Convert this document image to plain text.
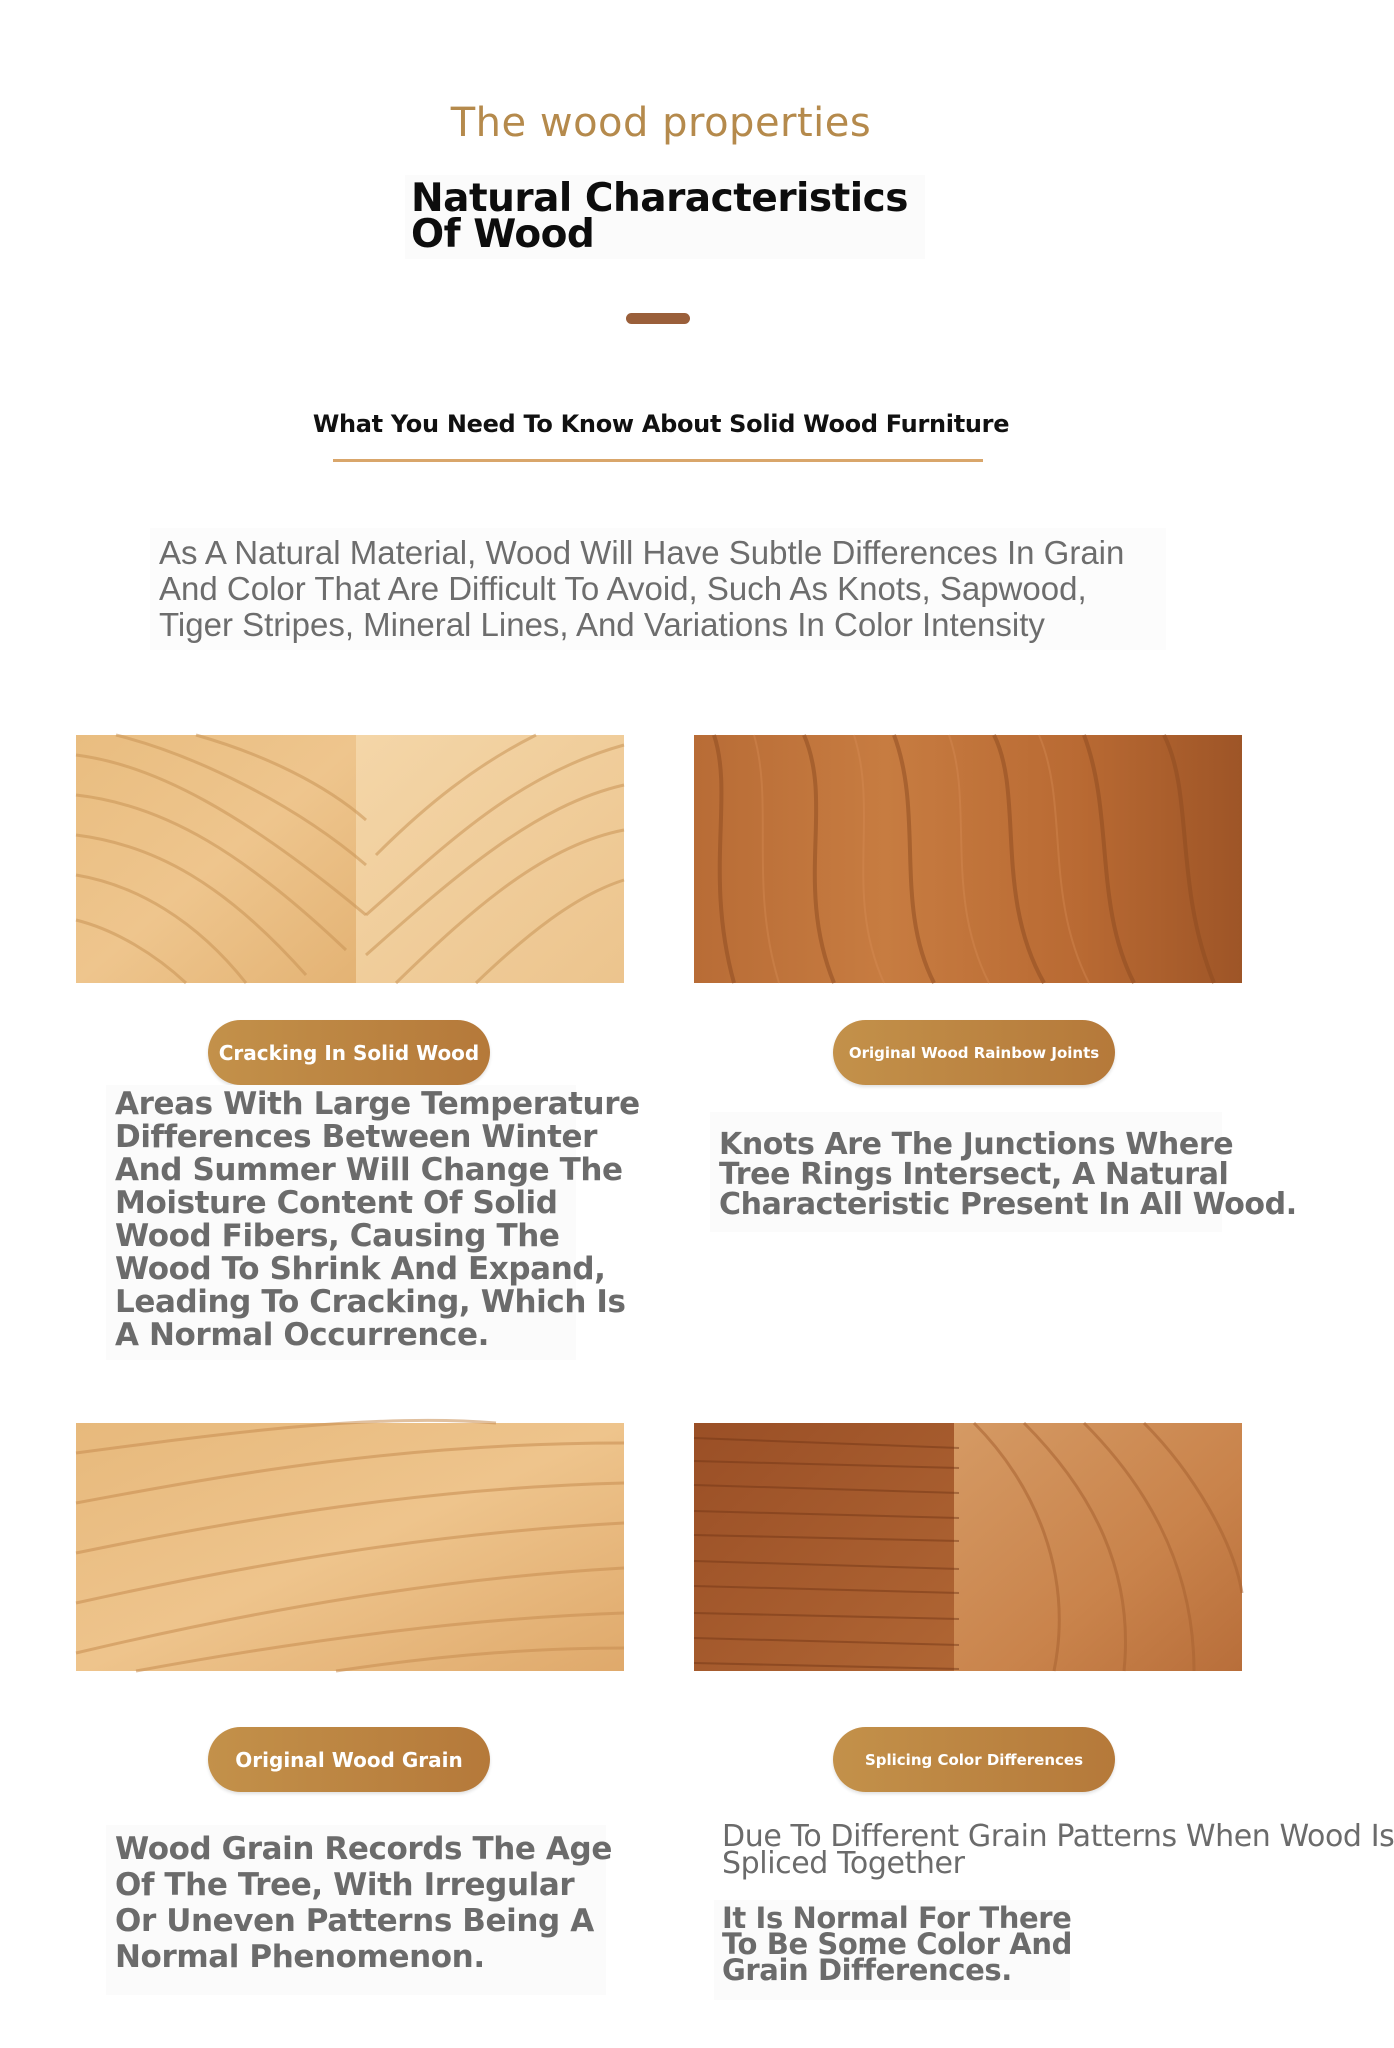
The wood properties
Natural Characteristics
Of Wood
What You Need To Know About Solid Wood Furniture

As A Natural Material, Wood Will Have Subtle Differences In Grain
And Color That Are Difficult To Avoid, Such As Knots, Sapwood,
Tiger Stripes, Mineral Lines, And Variations In Color Intensity

Cracking In Solid Wood

Areas With Large Temperature
Differences Between Winter
And Summer Will Change The
Moisture Content Of Solid
Wood Fibers, Causing The
Wood To Shrink And Expand,
Leading To Cracking, Which Is
A Normal Occurrence.

Original Wood Rainbow Joints

Knots Are The Junctions Where
Tree Rings Intersect, A Natural
Characteristic Present In All Wood.

Original Wood Grain

Wood Grain Records The Age
Of The Tree, With Irregular
Or Uneven Patterns Being A
Normal Phenomenon.

Splicing Color Differences

Due To Different Grain Patterns When Wood Is
Spliced Together

It Is Normal For There
To Be Some Color And
Grain Differences.
